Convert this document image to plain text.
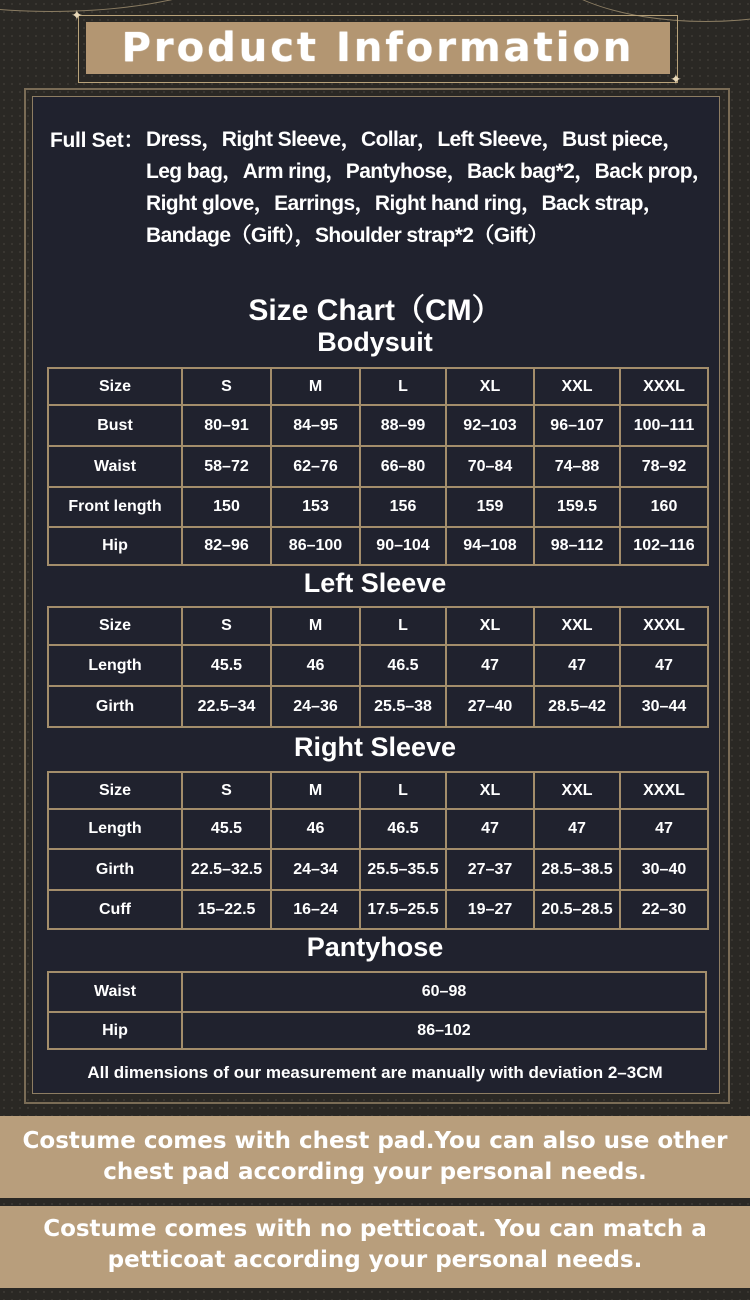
Product Information
✦
✦
Full Set： Dress，Right Sleeve，Collar，Left Sleeve，Bust piece，
Leg bag，Arm ring，Pantyhose，Back bag*2，Back prop，
Right glove，Earrings，Right hand ring，Back strap，
Bandage（Gift），Shoulder strap*2（Gift）
Size Chart（CM）
Bodysuit
Size	S	M	L	XL	XXL	XXXL
Bust	80–91	84–95	88–99	92–103	96–107	100–111
Waist	58–72	62–76	66–80	70–84	74–88	78–92
Front length	150	153	156	159	159.5	160
Hip	82–96	86–100	90–104	94–108	98–112	102–116
Left Sleeve
Size	S	M	L	XL	XXL	XXXL
Length	45.5	46	46.5	47	47	47
Girth	22.5–34	24–36	25.5–38	27–40	28.5–42	30–44
Right Sleeve
Size	S	M	L	XL	XXL	XXXL
Length	45.5	46	46.5	47	47	47
Girth	22.5–32.5	24–34	25.5–35.5	27–37	28.5–38.5	30–40
Cuff	15–22.5	16–24	17.5–25.5	19–27	20.5–28.5	22–30
Pantyhose
Waist	60–98
Hip	86–102
All dimensions of our measurement are manually with deviation 2–3CM
Costume comes with chest pad.You can also use other
chest pad according your personal needs.
Costume comes with no petticoat. You can match a
petticoat according your personal needs.
